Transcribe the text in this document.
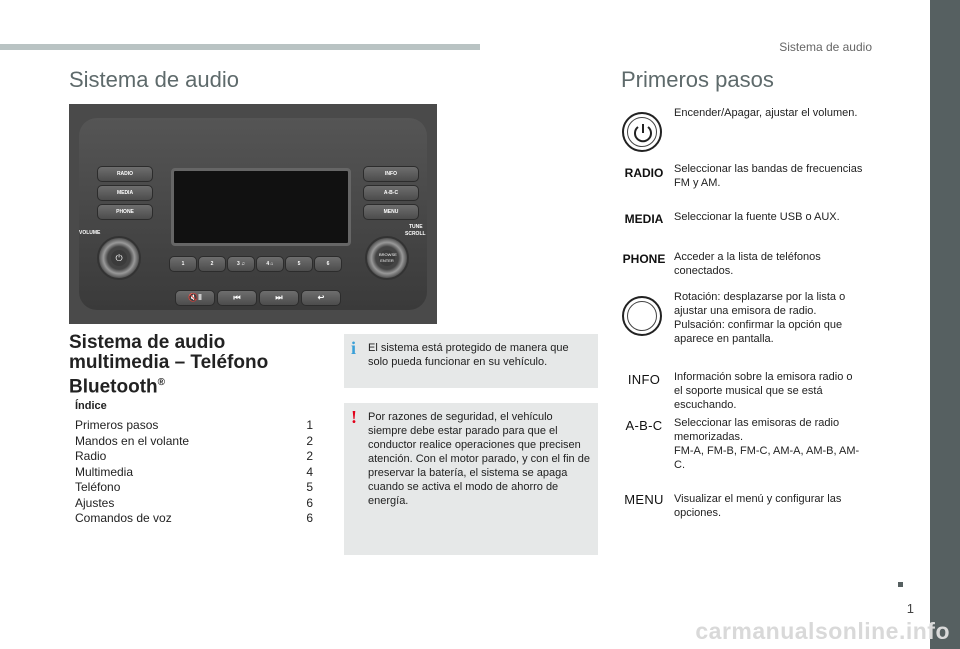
Sistema de audio
1
carmanualsonline.info
Sistema de audio	Primeros pasos
RADIO
MEDIA
PHONE
INFO
A-B-C
MENU
VOLUME
TUNE
SCROLL
⏻	BROWSE
ENTER
1	2	3 ♫	4 ⌂	5	6
🔇‖	⏮	⏭	↩
Sistema de audio
multimedia – Teléfono
Bluetooth®
Índice
Primeros pasos	1
Mandos en el volante	2
Radio	2
Multimedia	4
Teléfono	5
Ajustes	6
Comandos de voz	6
i El sistema está protegido de manera que solo pueda funcionar en su vehículo.
! Por razones de seguridad, el vehículo siempre debe estar parado para que el conductor realice operaciones que precisen atención. Con el motor parado, y con el fin de preservar la batería, el sistema se apaga cuando se activa el modo de ahorro de energía.
Encender/Apagar, ajustar el volumen.
RADIO Seleccionar las bandas de frecuencias FM y AM.
MEDIA Seleccionar la fuente USB o AUX.
PHONE Acceder a la lista de teléfonos conectados.
Rotación: desplazarse por la lista o ajustar una emisora de radio.
Pulsación: confirmar la opción que aparece en pantalla.
INFO	Información sobre la emisora radio o el soporte musical que se está escuchando.
A-B-C	Seleccionar las emisoras de radio memorizadas.
FM-A, FM-B, FM-C, AM-A, AM-B, AM-C.
MENU Visualizar el menú y configurar las opciones.
